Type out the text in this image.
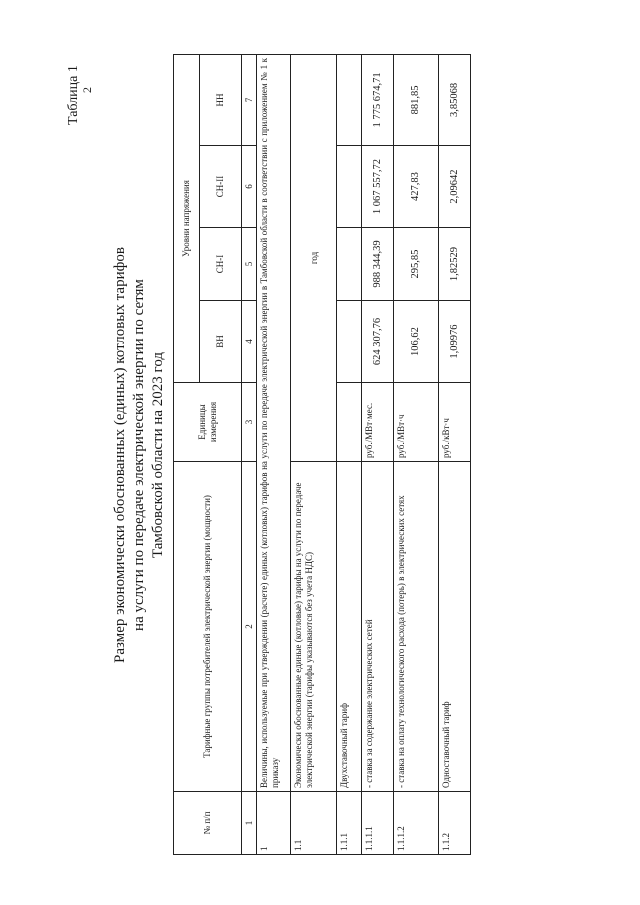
2
Таблица 1
Размер экономически обоснованных (единых) котловых тарифов на услуги по передаче электрической энергии по сетям Тамбовской области на 2023 год
№ п/п	Тарифные группы потребителей электрической энергии (мощности)	Единицы измерения	Уровни напряжения			
			ВН	СН-I	СН-II	НН
1	2	3	4	5	6	7
1	Величины, используемые при утверждении (расчете) единых (котловых) тарифов на услуги по передаче электрической энергии в Тамбовской области в соответствии с приложением № 1 к приказу					
1.1	Экономически обоснованные единые (котловые) тарифы на услуги по передаче электрической энергии (тарифы указываются без учета НДС)	год				
1.1.1	Двухставочный тариф					
1.1.1.1	- ставка за содержание электрических сетей	руб./МВт·мес.	624 307,76	988 344,39	1 067 557,72	1 775 674,71
1.1.1.2	- ставка на оплату технологического расхода (потерь) в электрических сетях	руб./МВт·ч	106,62	295,85	427,83	881,85
1.1.2	Одноставочный тариф	руб./кВт·ч	1,09976	1,82529	2,09642	3,85068
